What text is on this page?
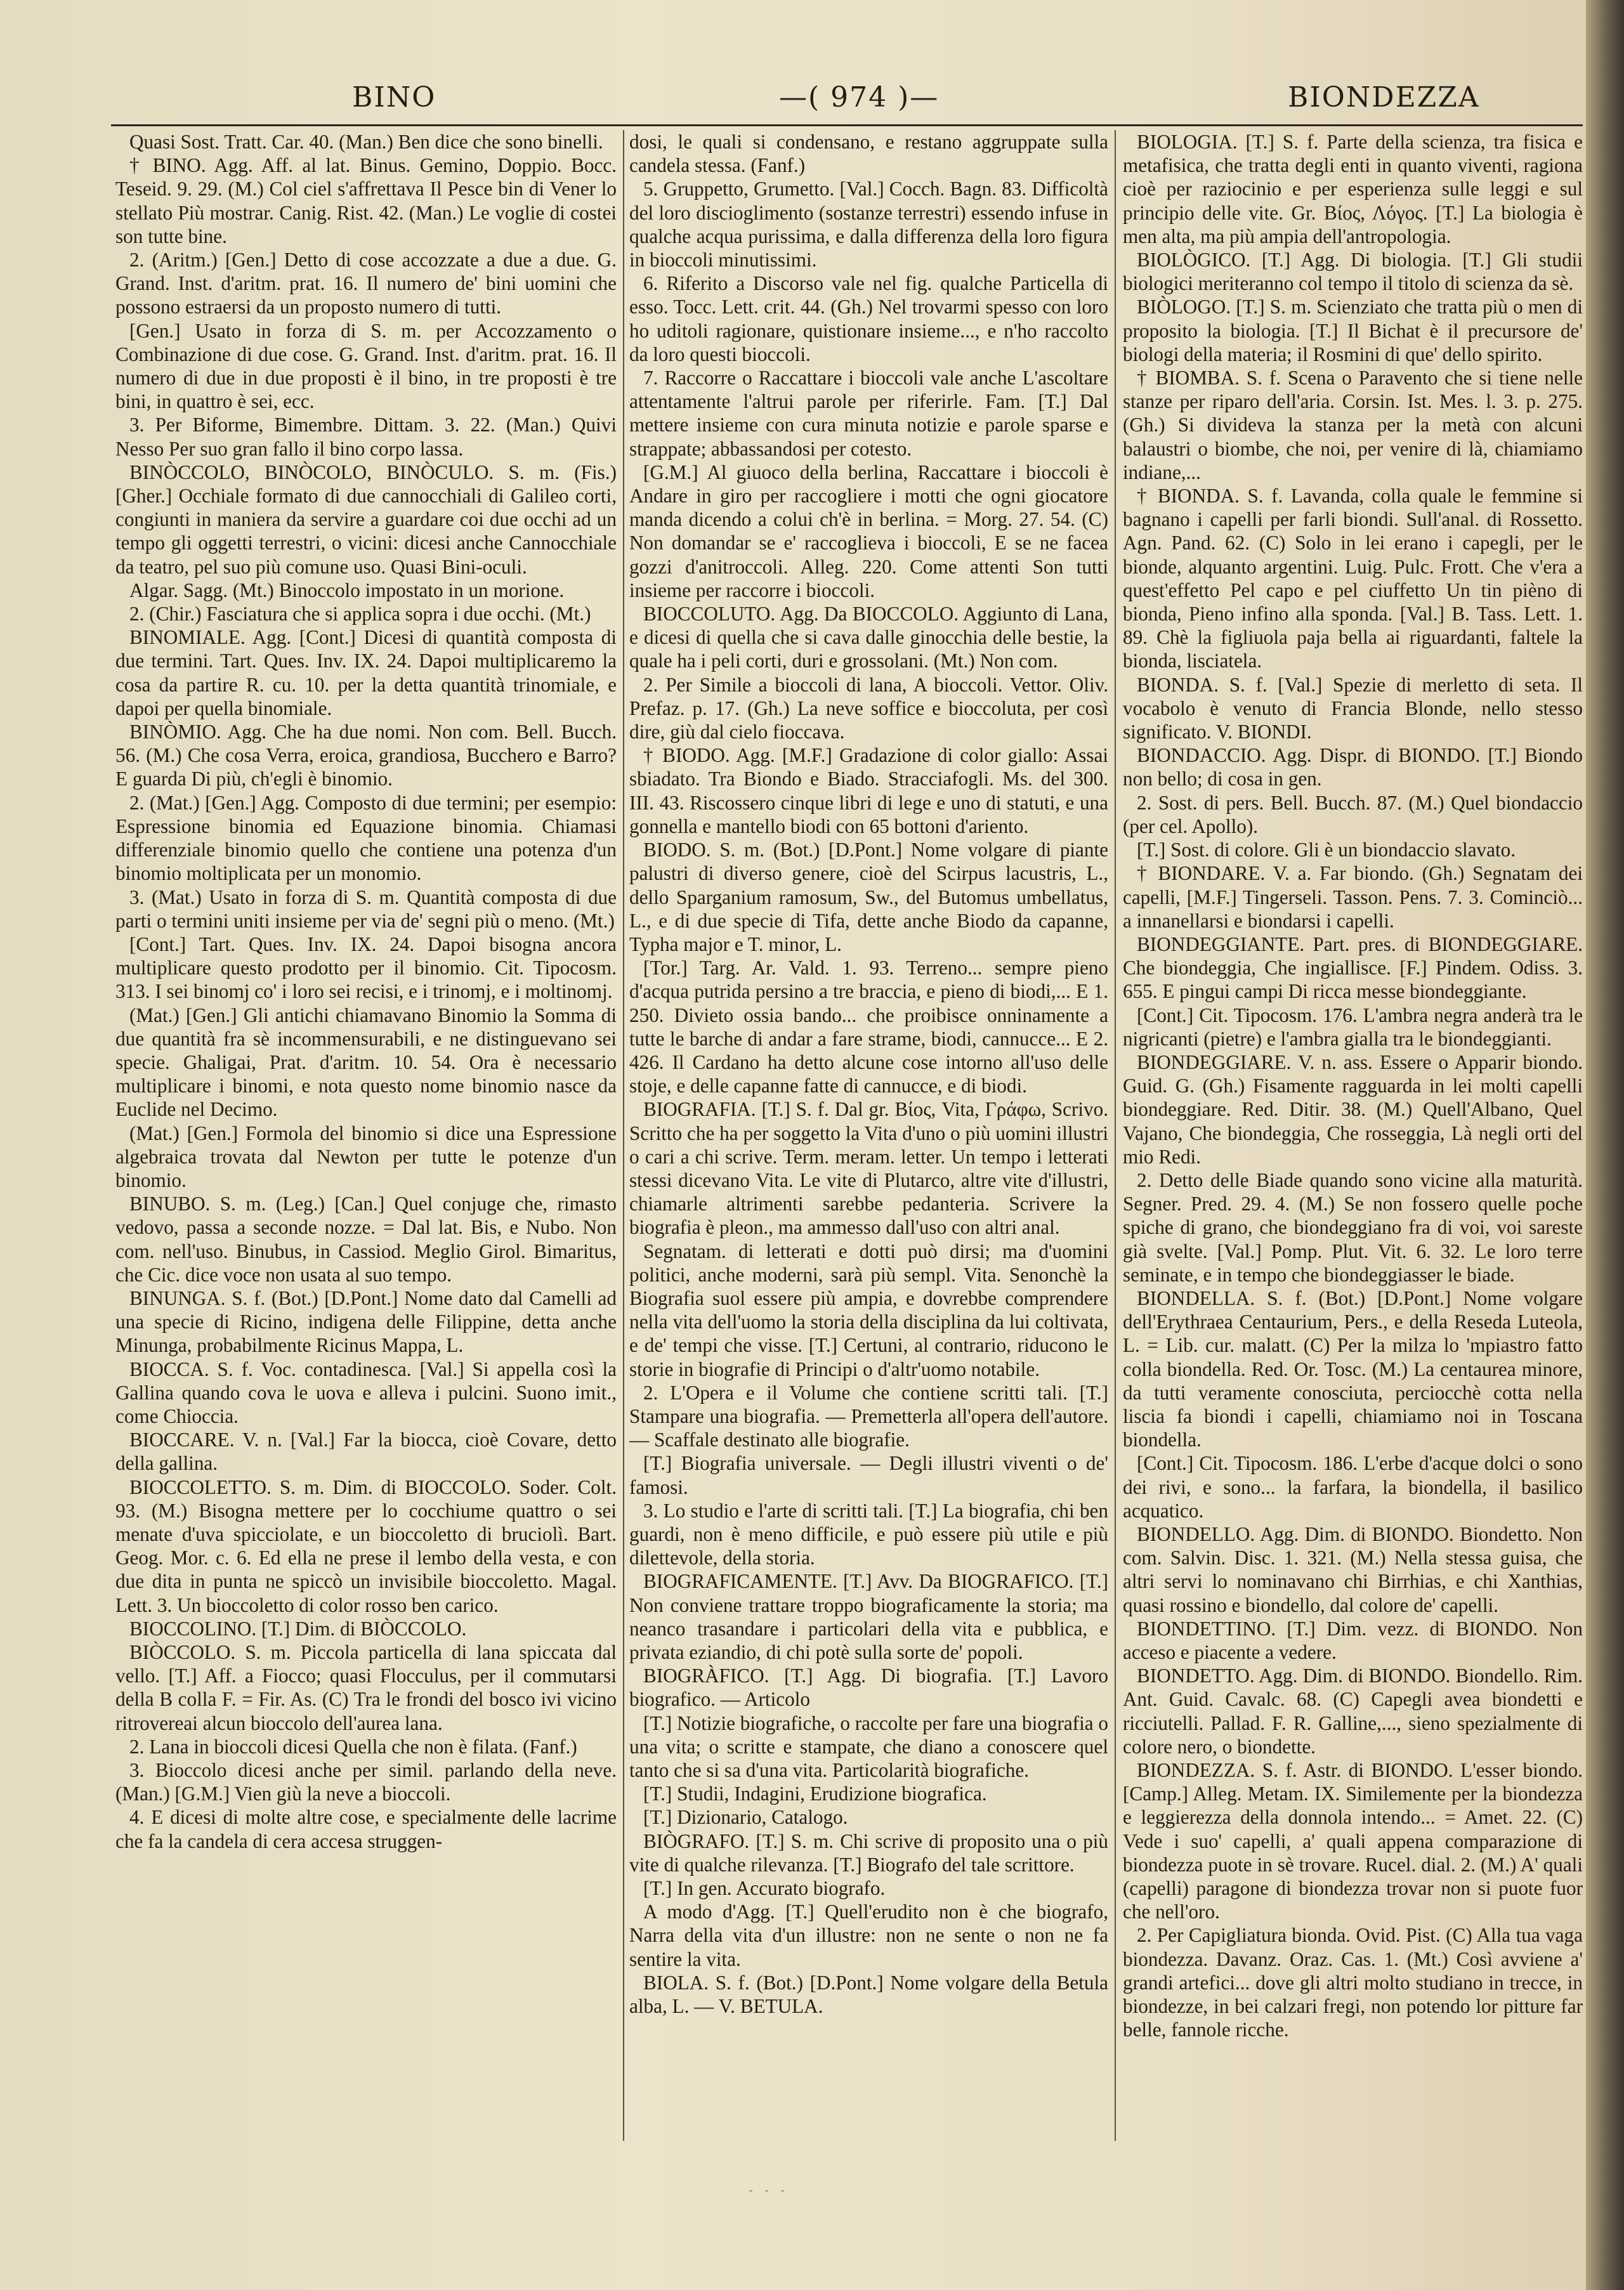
BINO	—( 974 )—	BIONDEZZA

Quasi Sost. Tratt. Car. 40. (Man.) Ben dice che sono binelli.

† BINO. Agg. Aff. al lat. Binus. Gemino, Doppio. Bocc. Teseid. 9. 29. (M.) Col ciel s'affrettava Il Pesce bin di Vener lo stellato Più mostrar. Canig. Rist. 42. (Man.) Le voglie di costei son tutte bine.

2. (Aritm.) [Gen.] Detto di cose accozzate a due a due. G. Grand. Inst. d'aritm. prat. 16. Il numero de' bini uomini che possono estraersi da un proposto numero di tutti.

[Gen.] Usato in forza di S. m. per Accozzamento o Combinazione di due cose. G. Grand. Inst. d'aritm. prat. 16. Il numero di due in due proposti è il bino, in tre proposti è tre bini, in quattro è sei, ecc.

3. Per Biforme, Bimembre. Dittam. 3. 22. (Man.) Quivi Nesso Per suo gran fallo il bino corpo lassa.

BINÒCCOLO, BINÒCOLO, BINÒCULO. S. m. (Fis.) [Gher.] Occhiale formato di due cannocchiali di Galileo corti, congiunti in maniera da servire a guardare coi due occhi ad un tempo gli oggetti terrestri, o vicini: dicesi anche Cannocchiale da teatro, pel suo più comune uso. Quasi Bini-oculi.

Algar. Sagg. (Mt.) Binoccolo impostato in un morione.

2. (Chir.) Fasciatura che si applica sopra i due occhi. (Mt.)

BINOMIALE. Agg. [Cont.] Dicesi di quantità composta di due termini. Tart. Ques. Inv. IX. 24. Dapoi multiplicaremo la cosa da partire R. cu. 10. per la detta quantità trinomiale, e dapoi per quella binomiale.

BINÒMIO. Agg. Che ha due nomi. Non com. Bell. Bucch. 56. (M.) Che cosa Verra, eroica, grandiosa, Bucchero e Barro? E guarda Di più, ch'egli è binomio.

2. (Mat.) [Gen.] Agg. Composto di due termini; per esempio: Espressione binomia ed Equazione binomia. Chiamasi differenziale binomio quello che contiene una potenza d'un binomio moltiplicata per un monomio.

3. (Mat.) Usato in forza di S. m. Quantità composta di due parti o termini uniti insieme per via de' segni più o meno. (Mt.)

[Cont.] Tart. Ques. Inv. IX. 24. Dapoi bisogna ancora multiplicare questo prodotto per il binomio. Cit. Tipocosm. 313. I sei binomj co' i loro sei recisi, e i trinomj, e i moltinomj.

(Mat.) [Gen.] Gli antichi chiamavano Binomio la Somma di due quantità fra sè incommensurabili, e ne distinguevano sei specie. Ghaligai, Prat. d'aritm. 10. 54. Ora è necessario multiplicare i binomi, e nota questo nome binomio nasce da Euclide nel Decimo.

(Mat.) [Gen.] Formola del binomio si dice una Espressione algebraica trovata dal Newton per tutte le potenze d'un binomio.

BINUBO. S. m. (Leg.) [Can.] Quel conjuge che, rimasto vedovo, passa a seconde nozze. = Dal lat. Bis, e Nubo. Non com. nell'uso. Binubus, in Cassiod. Meglio Girol. Bimaritus, che Cic. dice voce non usata al suo tempo.

BINUNGA. S. f. (Bot.) [D.Pont.] Nome dato dal Camelli ad una specie di Ricino, indigena delle Filippine, detta anche Minunga, probabilmente Ricinus Mappa, L.

BIOCCA. S. f. Voc. contadinesca. [Val.] Si appella così la Gallina quando cova le uova e alleva i pulcini. Suono imit., come Chioccia.

BIOCCARE. V. n. [Val.] Far la biocca, cioè Covare, detto della gallina.

BIOCCOLETTO. S. m. Dim. di BIOCCOLO. Soder. Colt. 93. (M.) Bisogna mettere per lo cocchiume quattro o sei menate d'uva spicciolate, e un bioccoletto di bruciolì. Bart. Geog. Mor. c. 6. Ed ella ne prese il lembo della vesta, e con due dita in punta ne spiccò un invisibile bioccoletto. Magal. Lett. 3. Un bioccoletto di color rosso ben carico.

BIOCCOLINO. [T.] Dim. di BIÒCCOLO.

BIÒCCOLO. S. m. Piccola particella di lana spiccata dal vello. [T.] Aff. a Fiocco; quasi Flocculus, per il commutarsi della B colla F. = Fir. As. (C) Tra le frondi del bosco ivi vicino ritrovereai alcun bioccolo dell'aurea lana.

2. Lana in bioccoli dicesi Quella che non è filata. (Fanf.)

3. Bioccolo dicesi anche per simil. parlando della neve. (Man.) [G.M.] Vien giù la neve a bioccoli.

4. E dicesi di molte altre cose, e specialmente delle lacrime che fa la candela di cera accesa struggen-

dosi, le quali si condensano, e restano aggruppate sulla candela stessa. (Fanf.)

5. Gruppetto, Grumetto. [Val.] Cocch. Bagn. 83. Difficoltà del loro discioglimento (sostanze terrestri) essendo infuse in qualche acqua purissima, e dalla differenza della loro figura in bioccoli minutissimi.

6. Riferito a Discorso vale nel fig. qualche Particella di esso. Tocc. Lett. crit. 44. (Gh.) Nel trovarmi spesso con loro ho uditoli ragionare, quistionare insieme..., e n'ho raccolto da loro questi bioccoli.

7. Raccorre o Raccattare i bioccoli vale anche L'ascoltare attentamente l'altrui parole per riferirle. Fam. [T.] Dal mettere insieme con cura minuta notizie e parole sparse e strappate; abbassandosi per cotesto.

[G.M.] Al giuoco della berlina, Raccattare i bioccoli è Andare in giro per raccogliere i motti che ogni giocatore manda dicendo a colui ch'è in berlina. = Morg. 27. 54. (C) Non domandar se e' raccoglieva i bioccoli, E se ne facea gozzi d'anitroccoli. Alleg. 220. Come attenti Son tutti insieme per raccorre i bioccoli.

BIOCCOLUTO. Agg. Da BIOCCOLO. Aggiunto di Lana, e dicesi di quella che si cava dalle ginocchia delle bestie, la quale ha i peli corti, duri e grossolani. (Mt.) Non com.

2. Per Simile a bioccoli di lana, A bioccoli. Vettor. Oliv. Prefaz. p. 17. (Gh.) La neve soffice e bioccoluta, per così dire, giù dal cielo fioccava.

† BIODO. Agg. [M.F.] Gradazione di color giallo: Assai sbiadato. Tra Biondo e Biado. Stracciafogli. Ms. del 300. III. 43. Riscossero cinque libri di lege e uno di statuti, e una gonnella e mantello biodi con 65 bottoni d'ariento.

BIODO. S. m. (Bot.) [D.Pont.] Nome volgare di piante palustri di diverso genere, cioè del Scirpus lacustris, L., dello Sparganium ramosum, Sw., del Butomus umbellatus, L., e di due specie di Tifa, dette anche Biodo da capanne, Typha major e T. minor, L.

[Tor.] Targ. Ar. Vald. 1. 93. Terreno... sempre pieno d'acqua putrida persino a tre braccia, e pieno di biodi,... E 1. 250. Divieto ossia bando... che proibisce onninamente a tutte le barche di andar a fare strame, biodi, cannucce... E 2. 426. Il Cardano ha detto alcune cose intorno all'uso delle stoje, e delle capanne fatte di cannucce, e di biodi.

BIOGRAFIA. [T.] S. f. Dal gr. Βίος, Vita, Γράφω, Scrivo. Scritto che ha per soggetto la Vita d'uno o più uomini illustri o cari a chi scrive. Term. meram. letter. Un tempo i letterati stessi dicevano Vita. Le vite di Plutarco, altre vite d'illustri, chiamarle altrimenti sarebbe pedanteria. Scrivere la biografia è pleon., ma ammesso dall'uso con altri anal.

Segnatam. di letterati e dotti può dirsi; ma d'uomini politici, anche moderni, sarà più sempl. Vita. Senonchè la Biografia suol essere più ampia, e dovrebbe comprendere nella vita dell'uomo la storia della disciplina da lui coltivata, e de' tempi che visse. [T.] Certuni, al contrario, riducono le storie in biografie di Principi o d'altr'uomo notabile.

2. L'Opera e il Volume che contiene scritti tali. [T.] Stampare una biografia. — Premetterla all'opera dell'autore. — Scaffale destinato alle biografie.

[T.] Biografia universale. — Degli illustri viventi o de' famosi.

3. Lo studio e l'arte di scritti tali. [T.] La biografia, chi ben guardi, non è meno difficile, e può essere più utile e più dilettevole, della storia.

BIOGRAFICAMENTE. [T.] Avv. Da BIOGRAFICO. [T.] Non conviene trattare troppo biograficamente la storia; ma neanco trasandare i particolari della vita e pubblica, e privata eziandio, di chi potè sulla sorte de' popoli.

BIOGRÀFICO. [T.] Agg. Di biografia. [T.] Lavoro biografico. — Articolo

[T.] Notizie biografiche, o raccolte per fare una biografia o una vita; o scritte e stampate, che diano a conoscere quel tanto che si sa d'una vita. Particolarità biografiche.

[T.] Studii, Indagini, Erudizione biografica.

[T.] Dizionario, Catalogo.

BIÒGRAFO. [T.] S. m. Chi scrive di proposito una o più vite di qualche rilevanza. [T.] Biografo del tale scrittore.

[T.] In gen. Accurato biografo.

A modo d'Agg. [T.] Quell'erudito non è che biografo, Narra della vita d'un illustre: non ne sente o non ne fa sentire la vita.

BIOLA. S. f. (Bot.) [D.Pont.] Nome volgare della Betula alba, L. — V. BETULA.

BIOLOGIA. [T.] S. f. Parte della scienza, tra fisica e metafisica, che tratta degli enti in quanto viventi, ragiona cioè per raziocinio e per esperienza sulle leggi e sul principio delle vite. Gr. Βίος, Λόγος. [T.] La biologia è men alta, ma più ampia dell'antropologia.

BIOLÒGICO. [T.] Agg. Di biologia. [T.] Gli studii biologici meriteranno col tempo il titolo di scienza da sè.

BIÒLOGO. [T.] S. m. Scienziato che tratta più o men di proposito la biologia. [T.] Il Bichat è il precursore de' biologi della materia; il Rosmini di que' dello spirito.

† BIOMBA. S. f. Scena o Paravento che si tiene nelle stanze per riparo dell'aria. Corsin. Ist. Mes. l. 3. p. 275. (Gh.) Si divideva la stanza per la metà con alcuni balaustri o biombe, che noi, per venire di là, chiamiamo indiane,...

† BIONDA. S. f. Lavanda, colla quale le femmine si bagnano i capelli per farli biondi. Sull'anal. di Rossetto. Agn. Pand. 62. (C) Solo in lei erano i capegli, per le bionde, alquanto argentini. Luig. Pulc. Frott. Che v'era a quest'effetto Pel capo e pel ciuffetto Un tin pièno di bionda, Pieno infino alla sponda. [Val.] B. Tass. Lett. 1. 89. Chè la figliuola paja bella ai riguardanti, faltele la bionda, lisciatela.

BIONDA. S. f. [Val.] Spezie di merletto di seta. Il vocabolo è venuto di Francia Blonde, nello stesso significato. V. BIONDI.

BIONDACCIO. Agg. Dispr. di BIONDO. [T.] Biondo non bello; di cosa in gen.

2. Sost. di pers. Bell. Bucch. 87. (M.) Quel biondaccio (per cel. Apollo).

[T.] Sost. di colore. Gli è un biondaccio slavato.

† BIONDARE. V. a. Far biondo. (Gh.) Segnatam dei capelli, [M.F.] Tingerseli. Tasson. Pens. 7. 3. Cominciò... a innanellarsi e biondarsi i capelli.

BIONDEGGIANTE. Part. pres. di BIONDEGGIARE. Che biondeggia, Che ingiallisce. [F.] Pindem. Odiss. 3. 655. E pingui campi Di ricca messe biondeggiante.

[Cont.] Cit. Tipocosm. 176. L'ambra negra anderà tra le nigricanti (pietre) e l'ambra gialla tra le biondeggianti.

BIONDEGGIARE. V. n. ass. Essere o Apparir biondo. Guid. G. (Gh.) Fisamente ragguarda in lei molti capelli biondeggiare. Red. Ditir. 38. (M.) Quell'Albano, Quel Vajano, Che biondeggia, Che rosseggia, Là negli orti del mio Redi.

2. Detto delle Biade quando sono vicine alla maturità. Segner. Pred. 29. 4. (M.) Se non fossero quelle poche spiche di grano, che biondeggiano fra di voi, voi sareste già svelte. [Val.] Pomp. Plut. Vit. 6. 32. Le loro terre seminate, e in tempo che biondeggiasser le biade.

BIONDELLA. S. f. (Bot.) [D.Pont.] Nome volgare dell'Erythraea Centaurium, Pers., e della Reseda Luteola, L. = Lib. cur. malatt. (C) Per la milza lo 'mpiastro fatto colla biondella. Red. Or. Tosc. (M.) La centaurea minore, da tutti veramente conosciuta, perciocchè cotta nella liscia fa biondi i capelli, chiamiamo noi in Toscana biondella.

[Cont.] Cit. Tipocosm. 186. L'erbe d'acque dolci o sono dei rivi, e sono... la farfara, la biondella, il basilico acquatico.

BIONDELLO. Agg. Dim. di BIONDO. Biondetto. Non com. Salvin. Disc. 1. 321. (M.) Nella stessa guisa, che altri servi lo nominavano chi Birrhias, e chi Xanthias, quasi rossino e biondello, dal colore de' capelli.

BIONDETTINO. [T.] Dim. vezz. di BIONDO. Non acceso e piacente a vedere.

BIONDETTO. Agg. Dim. di BIONDO. Biondello. Rim. Ant. Guid. Cavalc. 68. (C) Capegli avea biondetti e ricciutelli. Pallad. F. R. Galline,..., sieno spezialmente di colore nero, o biondette.

BIONDEZZA. S. f. Astr. di BIONDO. L'esser biondo. [Camp.] Alleg. Metam. IX. Similemente per la biondezza e leggierezza della donnola intendo... = Amet. 22. (C) Vede i suo' capelli, a' quali appena comparazione di biondezza puote in sè trovare. Rucel. dial. 2. (M.) A' quali (capelli) paragone di biondezza trovar non si puote fuor che nell'oro.

2. Per Capigliatura bionda. Ovid. Pist. (C) Alla tua vaga biondezza. Davanz. Oraz. Cas. 1. (Mt.) Così avviene a' grandi artefici... dove gli altri molto studiano in trecce, in biondezze, in bei calzari fregi, non potendo lor pitture far belle, fannole ricche.

- - -
